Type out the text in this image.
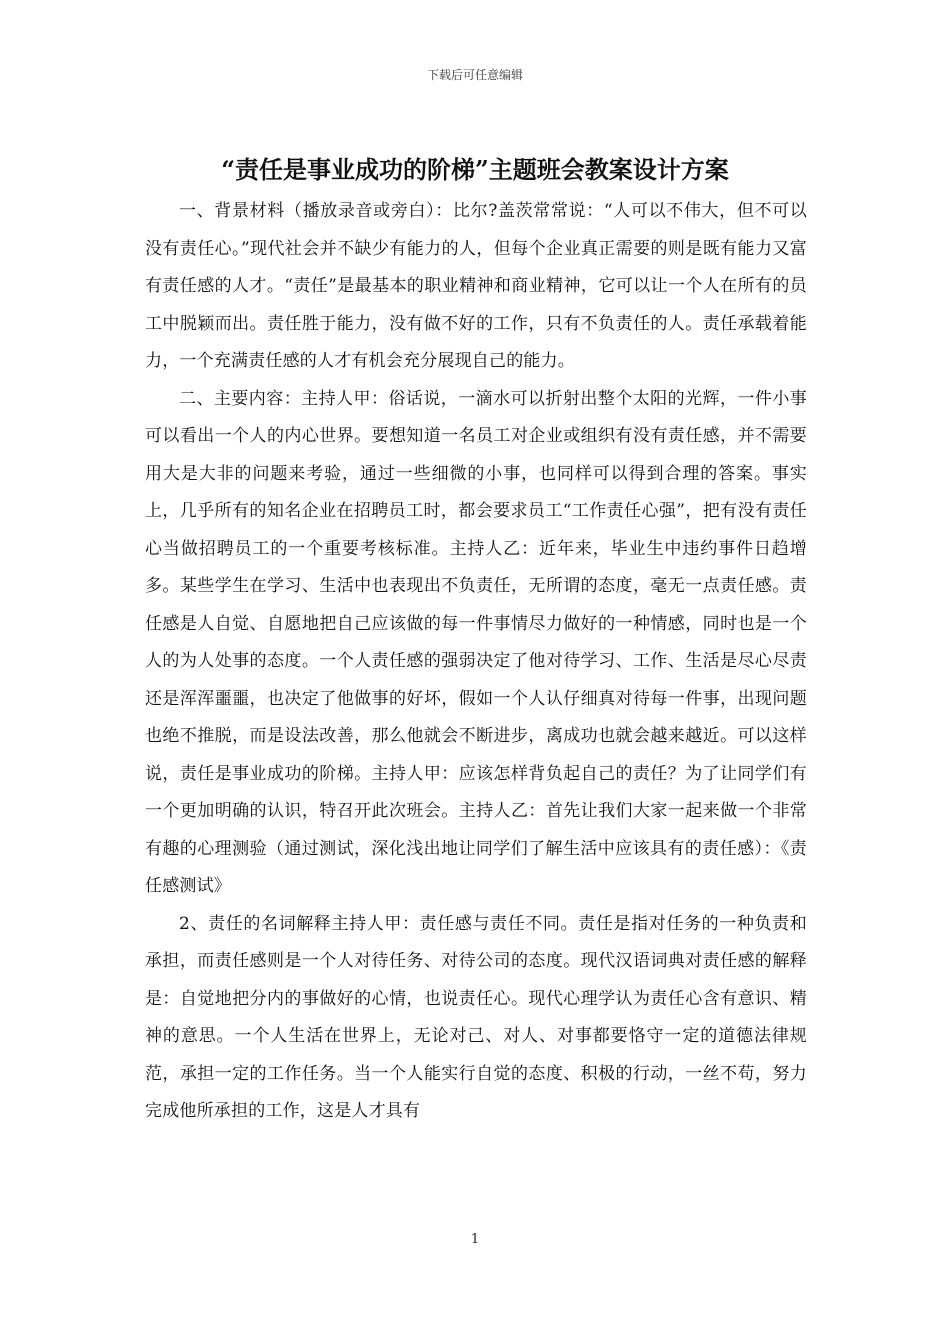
下载后可任意编辑
“责任是事业成功的阶梯”主题班会教案设计方案

一、背景材料（播放录音或旁白）：比尔?盖茨常常说：“人可以不伟大，但不可以没有责任心。”现代社会并不缺少有能力的人，但每个企业真正需要的则是既有能力又富有责任感的人才。“责任”是最基本的职业精神和商业精神，它可以让一个人在所有的员工中脱颖而出。责任胜于能力，没有做不好的工作，只有不负责任的人。责任承载着能力，一个充满责任感的人才有机会充分展现自己的能力。

二、主要内容：主持人甲：俗话说，一滴水可以折射出整个太阳的光辉，一件小事可以看出一个人的内心世界。要想知道一名员工对企业或组织有没有责任感，并不需要用大是大非的问题来考验，通过一些细微的小事，也同样可以得到合理的答案。事实上，几乎所有的知名企业在招聘员工时，都会要求员工“工作责任心强”，把有没有责任心当做招聘员工的一个重要考核标准。主持人乙：近年来，毕业生中违约事件日趋增多。某些学生在学习、生活中也表现出不负责任，无所谓的态度，毫无一点责任感。责任感是人自觉、自愿地把自己应该做的每一件事情尽力做好的一种情感，同时也是一个人的为人处事的态度。一个人责任感的强弱决定了他对待学习、工作、生活是尽心尽责还是浑浑噩噩，也决定了他做事的好坏，假如一个人认仔细真对待每一件事，出现问题也绝不推脱，而是设法改善，那么他就会不断进步，离成功也就会越来越近。可以这样说，责任是事业成功的阶梯。主持人甲：应该怎样背负起自己的责任？为了让同学们有一个更加明确的认识，特召开此次班会。主持人乙：首先让我们大家一起来做一个非常有趣的心理测验（通过测试，深化浅出地让同学们了解生活中应该具有的责任感）：《责任感测试》

2、责任的名词解释主持人甲：责任感与责任不同。责任是指对任务的一种负责和承担，而责任感则是一个人对待任务、对待公司的态度。现代汉语词典对责任感的解释是：自觉地把分内的事做好的心情，也说责任心。现代心理学认为责任心含有意识、精神的意思。一个人生活在世界上，无论对己、对人、对事都要恪守一定的道德法律规范，承担一定的工作任务。当一个人能实行自觉的态度、积极的行动，一丝不苟，努力完成他所承担的工作，这是人才具有

1
